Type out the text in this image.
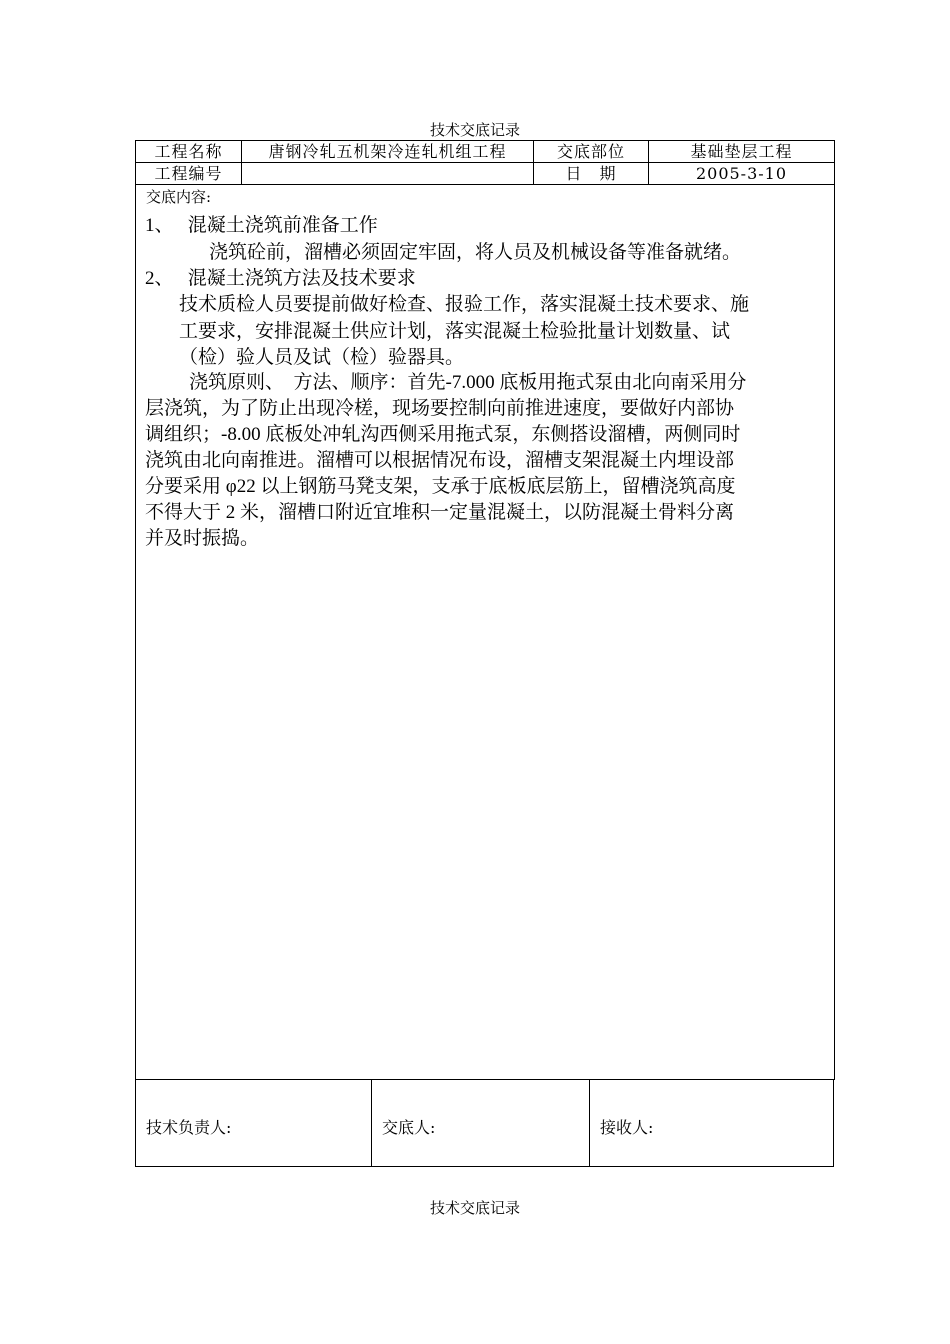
技术交底记录
工程名称	唐钢冷轧五机架冷连轧机组工程	交底部位	基础垫层工程
工程编号		日　期	2005-3-10
交底内容:
1、　 混凝土浇筑前准备工作
浇筑砼前，溜槽必须固定牢固，将人员及机械设备等准备就绪。
2、　 混凝土浇筑方法及技术要求
技术质检人员要提前做好检查、报验工作，落实混凝土技术要求、施
工要求，安排混凝土供应计划，落实混凝土检验批量计划数量、试
（检）验人员及试（检）验器具。
浇筑原则、　方法、顺序：首先-7.000 底板用拖式泵由北向南采用分
层浇筑，为了防止出现冷槎，现场要控制向前推进速度，要做好内部协
调组织；-8.00 底板处冲轧沟西侧采用拖式泵，东侧搭设溜槽，两侧同时
浇筑由北向南推进。溜槽可以根据情况布设，溜槽支架混凝土内埋设部
分要采用 φ22 以上钢筋马凳支架，支承于底板底层筋上，留槽浇筑高度
不得大于 2 米，溜槽口附近宜堆积一定量混凝土，以防混凝土骨料分离
并及时振捣。
技术负责人:	交底人:	接收人:
技术交底记录
